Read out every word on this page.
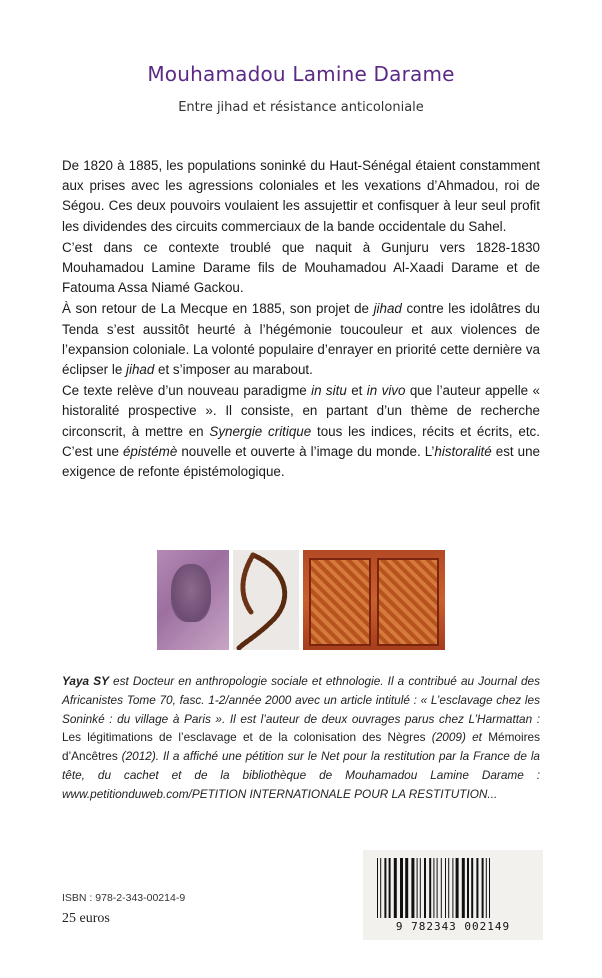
Mouhamadou Lamine Darame
Entre jihad et résistance anticoloniale

De 1820 à 1885, les populations soninké du Haut-Sénégal étaient constamment aux prises avec les agressions coloniales et les vexations d’Ahmadou, roi de Ségou. Ces deux pouvoirs voulaient les assujettir et confisquer à leur seul profit les dividendes des circuits commerciaux de la bande occidentale du Sahel.

C’est dans ce contexte troublé que naquit à Gunjuru vers 1828-1830 Mouhamadou Lamine Darame fils de Mouhamadou Al-Xaadi Darame et de Fatouma Assa Niamé Gackou.

À son retour de La Mecque en 1885, son projet de jihad contre les idolâtres du Tenda s’est aussitôt heurté à l’hégémonie toucouleur et aux violences de l’expansion coloniale. La volonté populaire d’enrayer en priorité cette dernière va éclipser le jihad et s’imposer au marabout.

Ce texte relève d’un nouveau paradigme in situ et in vivo que l’auteur appelle « historalité prospective ». Il consiste, en partant d’un thème de recherche circonscrit, à mettre en Synergie critique tous les indices, récits et écrits, etc. C’est une épistémè nouvelle et ouverte à l’image du monde. L’historalité est une exigence de refonte épistémologique.

Yaya SY est Docteur en anthropologie sociale et ethnologie. Il a contribué au Journal des Africanistes Tome 70, fasc. 1-2/année 2000 avec un article intitulé : « L’esclavage chez les Soninké : du village à Paris ». Il est l’auteur de deux ouvrages parus chez L’Harmattan : Les légitimations de l’esclavage et de la colonisation des Nègres (2009) et Mémoires d’Ancêtres (2012). Il a affiché une pétition sur le Net pour la restitution par la France de la tête, du cachet et de la bibliothèque de Mouhamadou Lamine Darame : www.petitionduweb.com/PETITION INTERNATIONALE POUR LA RESTITUTION...
ISBN : 978-2-343-00214-9
25 euros
9 782343 002149
